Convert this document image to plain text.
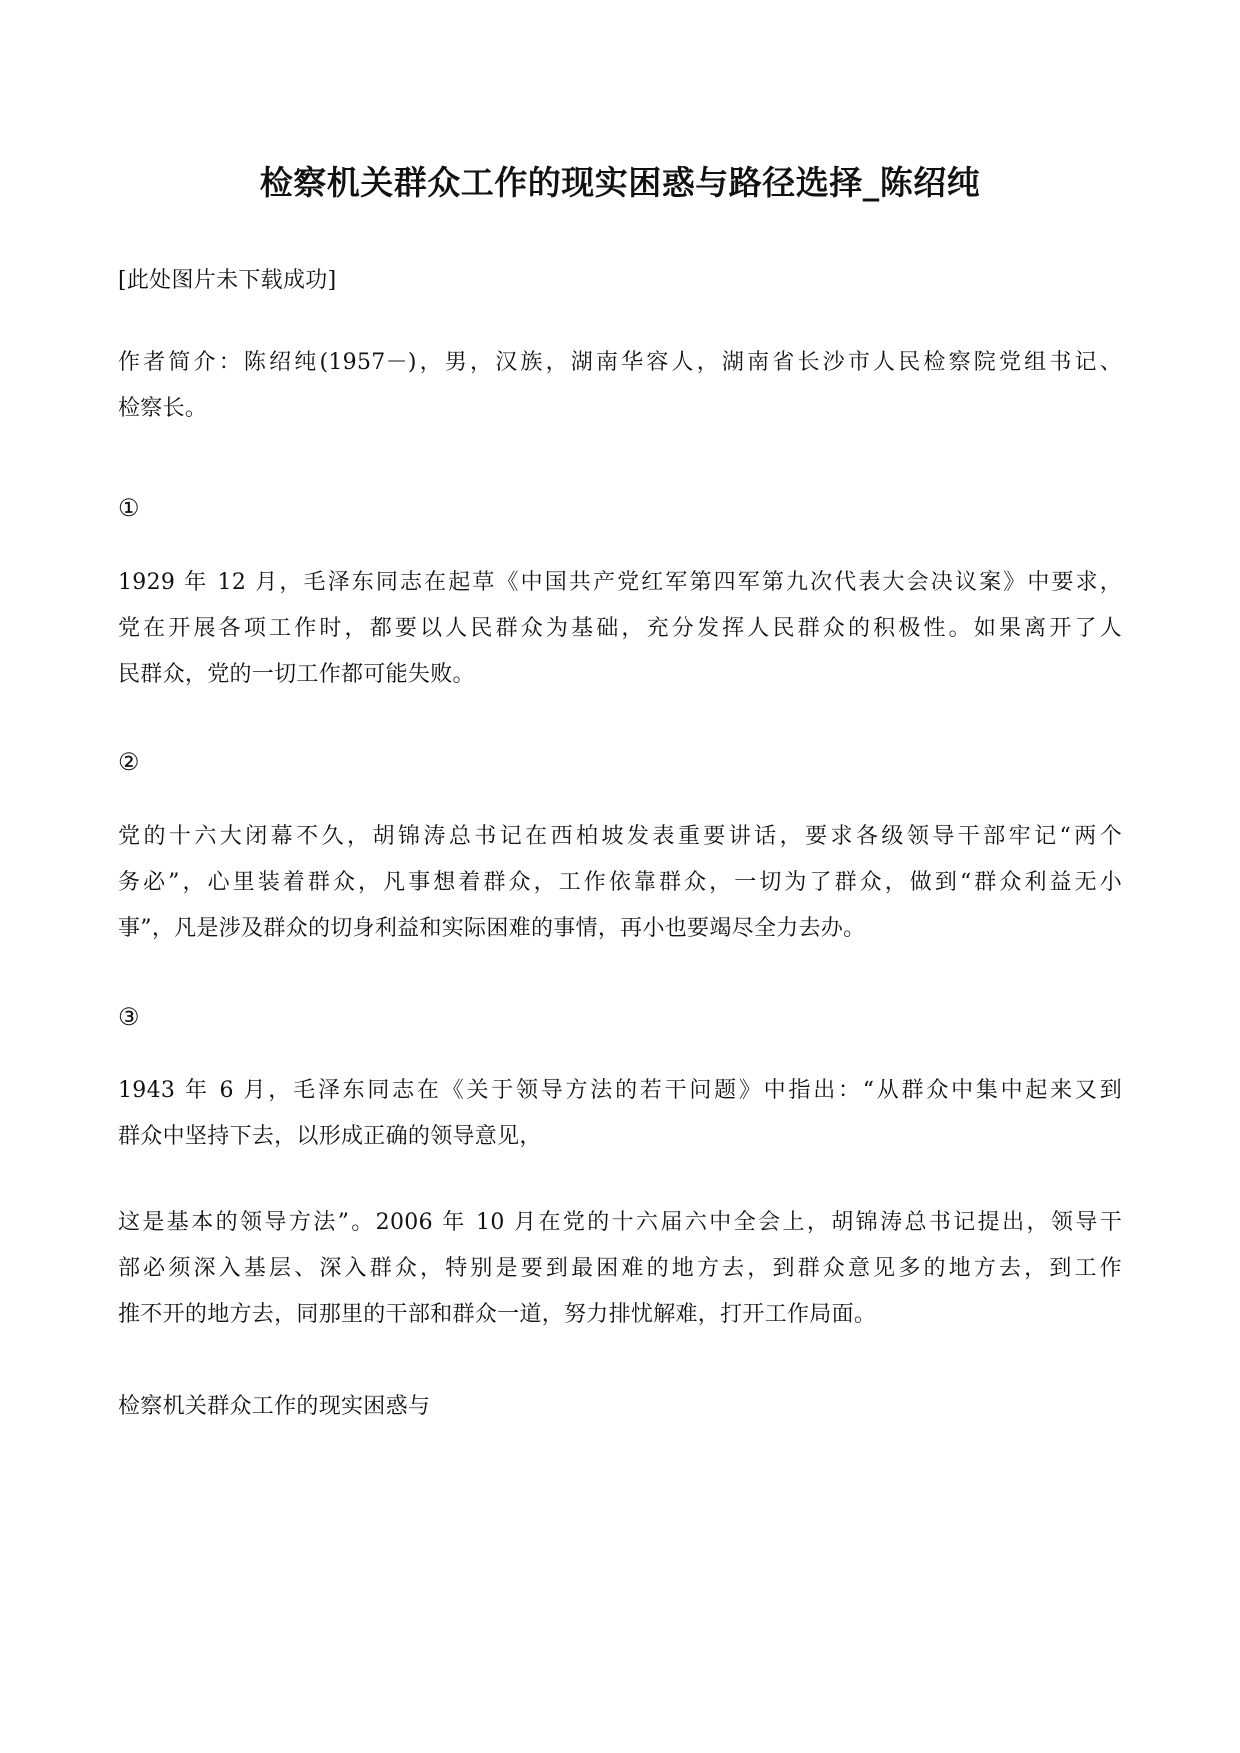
检察机关群众工作的现实困惑与路径选择_陈绍纯

[此处图片未下载成功]

作者简介：陈绍纯(1957－)，男，汉族，湖南华容人，湖南省长沙市人民检察院党组书记、
检察长。

①

1929 年 12 月，毛泽东同志在起草《中国共产党红军第四军第九次代表大会决议案》中要求，
党在开展各项工作时，都要以人民群众为基础，充分发挥人民群众的积极性。如果离开了人
民群众，党的一切工作都可能失败。

②

党的十六大闭幕不久，胡锦涛总书记在西柏坡发表重要讲话，要求各级领导干部牢记“两个
务必”，心里装着群众，凡事想着群众，工作依靠群众，一切为了群众，做到“群众利益无小
事”，凡是涉及群众的切身利益和实际困难的事情，再小也要竭尽全力去办。

③

1943 年 6 月，毛泽东同志在《关于领导方法的若干问题》中指出：“从群众中集中起来又到
群众中坚持下去，以形成正确的领导意见，

这是基本的领导方法”。2006 年 10 月在党的十六届六中全会上，胡锦涛总书记提出，领导干
部必须深入基层、深入群众，特别是要到最困难的地方去，到群众意见多的地方去，到工作
推不开的地方去，同那里的干部和群众一道，努力排忧解难，打开工作局面。

检察机关群众工作的现实困惑与
